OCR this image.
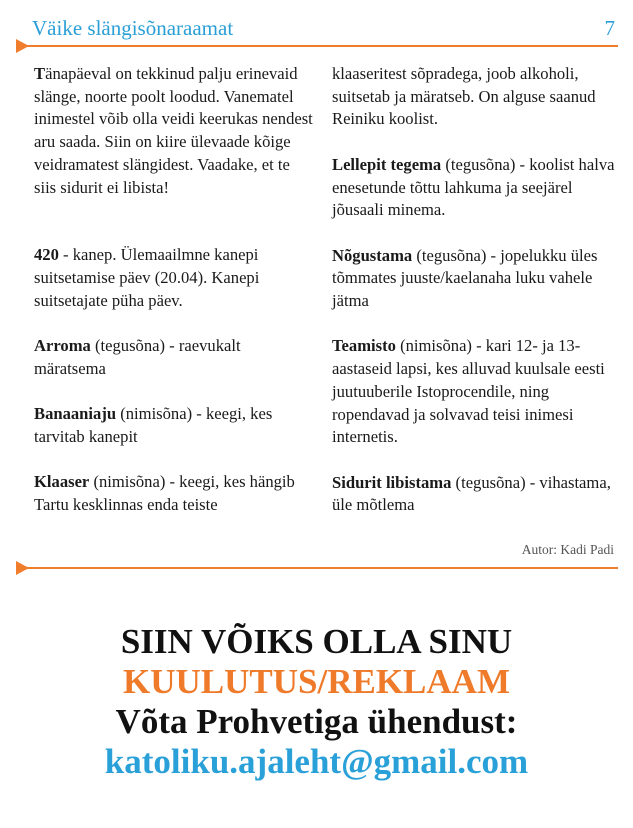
Väike slängisõnaraamat	7

Tänapäeval on tekkinud palju erinevaid slänge, noorte poolt loodud. Vanematel inimestel võib olla veidi keerukas nendest aru saada. Siin on kiire ülevaade kõige veidramatest slängidest. Vaadake, et te siis sidurit ei libista!

420 - kanep. Ülemaailmne kanepi suitsetamise päev (20.04). Kanepi suitsetajate püha päev.

Arroma (tegusõna) - raevukalt märatsema

Banaaniaju (nimisõna) - keegi, kes tarvitab kanepit

Klaaser (nimisõna) - keegi, kes hängib Tartu kesklinnas enda teiste

klaaseritest sõpradega, joob alkoholi, suitsetab ja märatseb. On alguse saanud Reiniku koolist.

Lellepit tegema (tegusõna) - koolist halva enesetunde tõttu lahkuma ja seejärel jõusaali minema.

Nõgustama (tegusõna) - jopelukku üles tõmmates juuste/kaelanaha luku vahele jätma

Teamisto (nimisõna) - kari 12- ja 13- aastaseid lapsi, kes alluvad kuulsale eesti juutuuberile Istoprocendile, ning ropendavad ja solvavad teisi inimesi internetis.

Sidurit libistama (tegusõna) - vihastama, üle mõtlema

Autor: Kadi Padi
SIIN VÕIKS OLLA SINU
KUULUTUS/REKLAAM
Võta Prohvetiga ühendust:
katoliku.ajaleht@gmail.com
